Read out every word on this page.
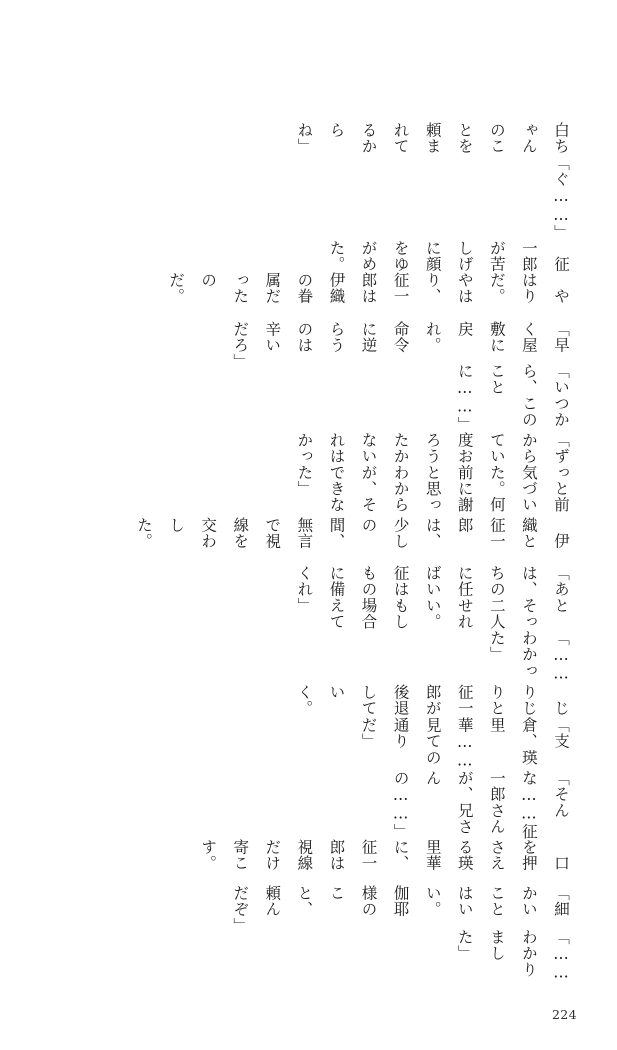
白ちゃんのことを頼まれてるからね」

「ぐ……」

　征一郎が苦しげに顔をゆがめた。

　やはりだ。やはり、征一郎は伊織の眷属だったのだ。

「早く屋敷に戻れ。命令に逆らうのは辛いだろ」

「いつから、このことに……」

「ずっと前から気づいていた。何度お前に謝ろうと思ったかわからないが、それはできなかった」

　伊織と征一郎は、少しの間、無言で視線を交わした。

「あとは、そっちの二人に任せればいい。征はもしもの場合に備えてくれ」

「……わかった」

　じりじりと征一郎が後退していく。

「支倉、瑛里華……見ての通りだ」

「そんな……征一郎さんが、兄さんの……」

　口を押さえる瑛里華に、征一郎は視線だけ寄こす。

「細かいことはいい。　伽耶様のこと、頼んだぞ」

「……わかりました」

224
